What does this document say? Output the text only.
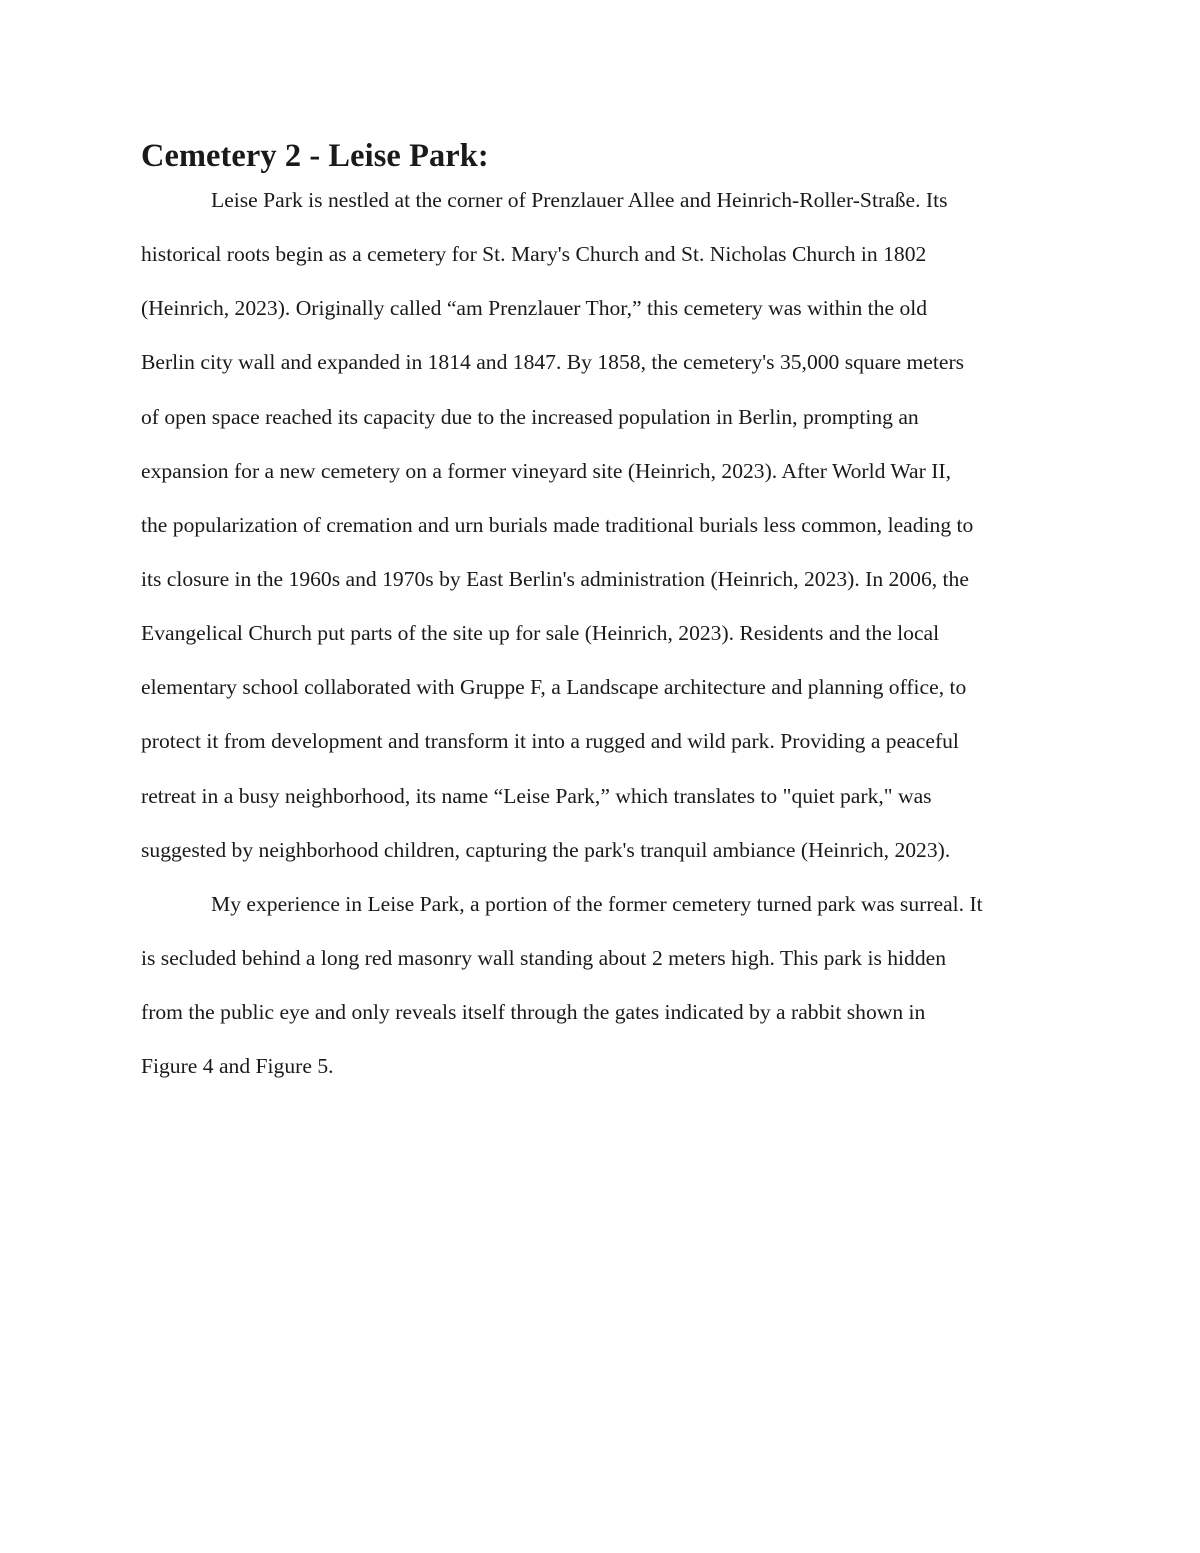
Cemetery 2 - Leise Park:

Leise Park is nestled at the corner of Prenzlauer Allee and Heinrich-Roller-Straße. Its
historical roots begin as a cemetery for St. Mary's Church and St. Nicholas Church in 1802
(Heinrich, 2023). Originally called “am Prenzlauer Thor,” this cemetery was within the old
Berlin city wall and expanded in 1814 and 1847. By 1858, the cemetery's 35,000 square meters
of open space reached its capacity due to the increased population in Berlin, prompting an
expansion for a new cemetery on a former vineyard site (Heinrich, 2023). After World War II,
the popularization of cremation and urn burials made traditional burials less common, leading to
its closure in the 1960s and 1970s by East Berlin's administration (Heinrich, 2023). In 2006, the
Evangelical Church put parts of the site up for sale (Heinrich, 2023). Residents and the local
elementary school collaborated with Gruppe F, a Landscape architecture and planning office, to
protect it from development and transform it into a rugged and wild park. Providing a peaceful
retreat in a busy neighborhood, its name “Leise Park,” which translates to "quiet park," was
suggested by neighborhood children, capturing the park's tranquil ambiance (Heinrich, 2023).

My experience in Leise Park, a portion of the former cemetery turned park was surreal. It
is secluded behind a long red masonry wall standing about 2 meters high. This park is hidden
from the public eye and only reveals itself through the gates indicated by a rabbit shown in
Figure 4 and Figure 5.
